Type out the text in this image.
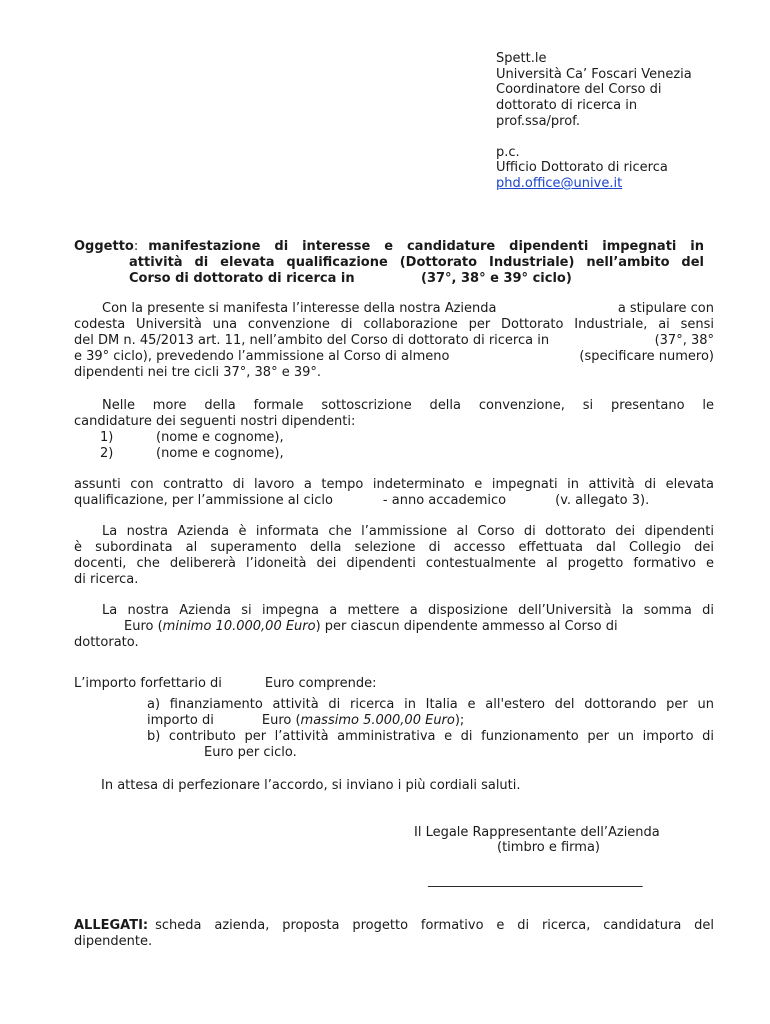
Spett.le
Università Ca’ Foscari Venezia
Coordinatore del Corso di
dottorato di ricerca in
prof.ssa/prof.
p.c.
Ufficio Dottorato di ricerca
phd.office@unive.it
Oggetto: manifestazione di interesse e candidature dipendenti impegnati in
attività di elevata qualificazione (Dottorato Industriale) nell’ambito del
Corso di dottorato di ricerca in	(37°, 38° e 39° ciclo)
Con la presente si manifesta l’interesse della nostra Azienda	a stipulare con
codesta Università una convenzione di collaborazione per Dottorato Industriale, ai sensi
del DM n. 45/2013 art. 11, nell’ambito del Corso di dottorato di ricerca in	(37°, 38°
e 39° ciclo), prevedendo l’ammissione al Corso di almeno	(specificare numero)
dipendenti nei tre cicli 37°, 38° e 39°.
Nelle more della formale sottoscrizione della convenzione, si presentano le
candidature dei seguenti nostri dipendenti:
1)	(nome e cognome),
2)	(nome e cognome),
assunti con contratto di lavoro a tempo indeterminato e impegnati in attività di elevata
qualificazione, per l’ammissione al ciclo	- anno accademico	(v. allegato 3).
La nostra Azienda è informata che l’ammissione al Corso di dottorato dei dipendenti
è subordinata al superamento della selezione di accesso effettuata dal Collegio dei
docenti, che delibererà l’idoneità dei dipendenti contestualmente al progetto formativo e
di ricerca.
La nostra Azienda si impegna a mettere a disposizione dell’Università la somma di
Euro (minimo 10.000,00 Euro) per ciascun dipendente ammesso al Corso di
dottorato.
L’importo forfettario di	Euro comprende:
a) finanziamento attività di ricerca in Italia e all'estero del dottorando per un
importo di	Euro (massimo 5.000,00 Euro);
b) contributo per l’attività amministrativa e di funzionamento per un importo di
Euro per ciclo.
In attesa di perfezionare l’accordo, si inviano i più cordiali saluti.
Il Legale Rappresentante dell’Azienda
(timbro e firma)
_________________________________
ALLEGATI: scheda azienda, proposta progetto formativo e di ricerca, candidatura del
dipendente.
